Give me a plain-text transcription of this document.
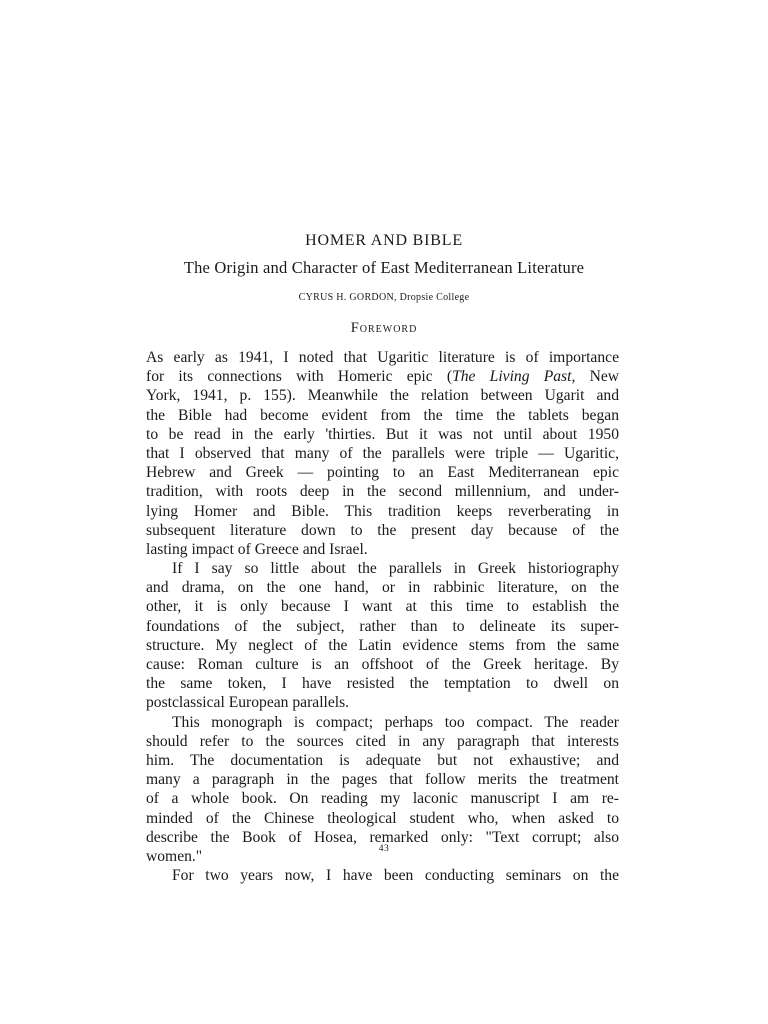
HOMER AND BIBLE
The Origin and Character of East Mediterranean Literature
CYRUS H. GORDON, Dropsie College
Foreword
As early as 1941, I noted that Ugaritic literature is of importance
for its connections with Homeric epic (The Living Past, New
York, 1941, p. 155). Meanwhile the relation between Ugarit and
the Bible had become evident from the time the tablets began
to be read in the early 'thirties. But it was not until about 1950
that I observed that many of the parallels were triple — Ugaritic,
Hebrew and Greek — pointing to an East Mediterranean epic
tradition, with roots deep in the second millennium, and under-
lying Homer and Bible. This tradition keeps reverberating in
subsequent literature down to the present day because of the
lasting impact of Greece and Israel.
If I say so little about the parallels in Greek historiography
and drama, on the one hand, or in rabbinic literature, on the
other, it is only because I want at this time to establish the
foundations of the subject, rather than to delineate its super-
structure. My neglect of the Latin evidence stems from the same
cause: Roman culture is an offshoot of the Greek heritage. By
the same token, I have resisted the temptation to dwell on
postclassical European parallels.
This monograph is compact; perhaps too compact. The reader
should refer to the sources cited in any paragraph that interests
him. The documentation is adequate but not exhaustive; and
many a paragraph in the pages that follow merits the treatment
of a whole book. On reading my laconic manuscript I am re-
minded of the Chinese theological student who, when asked to
describe the Book of Hosea, remarked only: "Text corrupt; also
women."
For two years now, I have been conducting seminars on the
43
